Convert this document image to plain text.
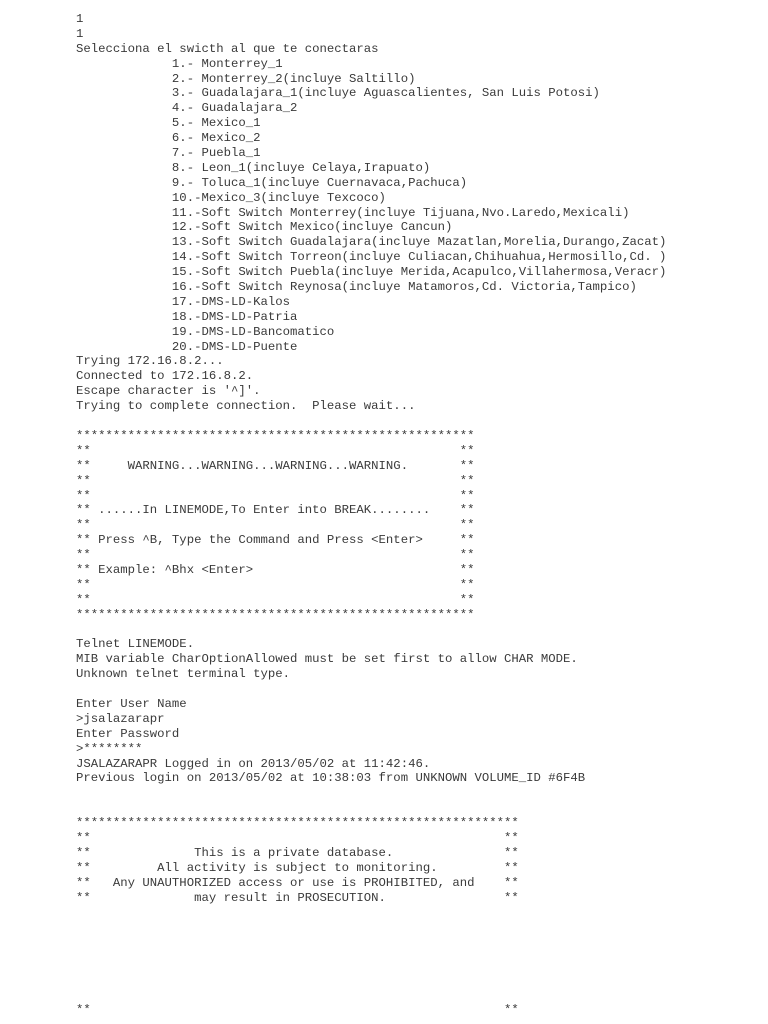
1
1
Selecciona el swicth al que te conectaras
1.- Monterrey_1
2.- Monterrey_2(incluye Saltillo)
3.- Guadalajara_1(incluye Aguascalientes, San Luis Potosi)
4.- Guadalajara_2
5.- Mexico_1
6.- Mexico_2
7.- Puebla_1
8.- Leon_1(incluye Celaya,Irapuato)
9.- Toluca_1(incluye Cuernavaca,Pachuca)
10.-Mexico_3(incluye Texcoco)
11.-Soft Switch Monterrey(incluye Tijuana,Nvo.Laredo,Mexicali)
12.-Soft Switch Mexico(incluye Cancun)
13.-Soft Switch Guadalajara(incluye Mazatlan,Morelia,Durango,Zacat)
14.-Soft Switch Torreon(incluye Culiacan,Chihuahua,Hermosillo,Cd. )
15.-Soft Switch Puebla(incluye Merida,Acapulco,Villahermosa,Veracr)
16.-Soft Switch Reynosa(incluye Matamoros,Cd. Victoria,Tampico)
17.-DMS-LD-Kalos
18.-DMS-LD-Patria
19.-DMS-LD-Bancomatico
20.-DMS-LD-Puente
Trying 172.16.8.2...
Connected to 172.16.8.2.
Escape character is '^]'.
Trying to complete connection.  Please wait...
******************************************************
**                                                  **
**     WARNING...WARNING...WARNING...WARNING.       **
**                                                  **
**                                                  **
** ......In LINEMODE,To Enter into BREAK........    **
**                                                  **
** Press ^B, Type the Command and Press <Enter>     **
**                                                  **
** Example: ^Bhx <Enter>                            **
**                                                  **
**                                                  **
******************************************************
Telnet LINEMODE.
MIB variable CharOptionAllowed must be set first to allow CHAR MODE.
Unknown telnet terminal type.
Enter User Name
>jsalazarapr
Enter Password
>********
JSALAZARAPR Logged in on 2013/05/02 at 11:42:46.
Previous login on 2013/05/02 at 10:38:03 from UNKNOWN VOLUME_ID #6F4B
************************************************************
**                                                        **
**              This is a private database.               **
**         All activity is subject to monitoring.         **
**   Any UNAUTHORIZED access or use is PROHIBITED, and    **
**              may result in PROSECUTION.                **
**                                                        **
